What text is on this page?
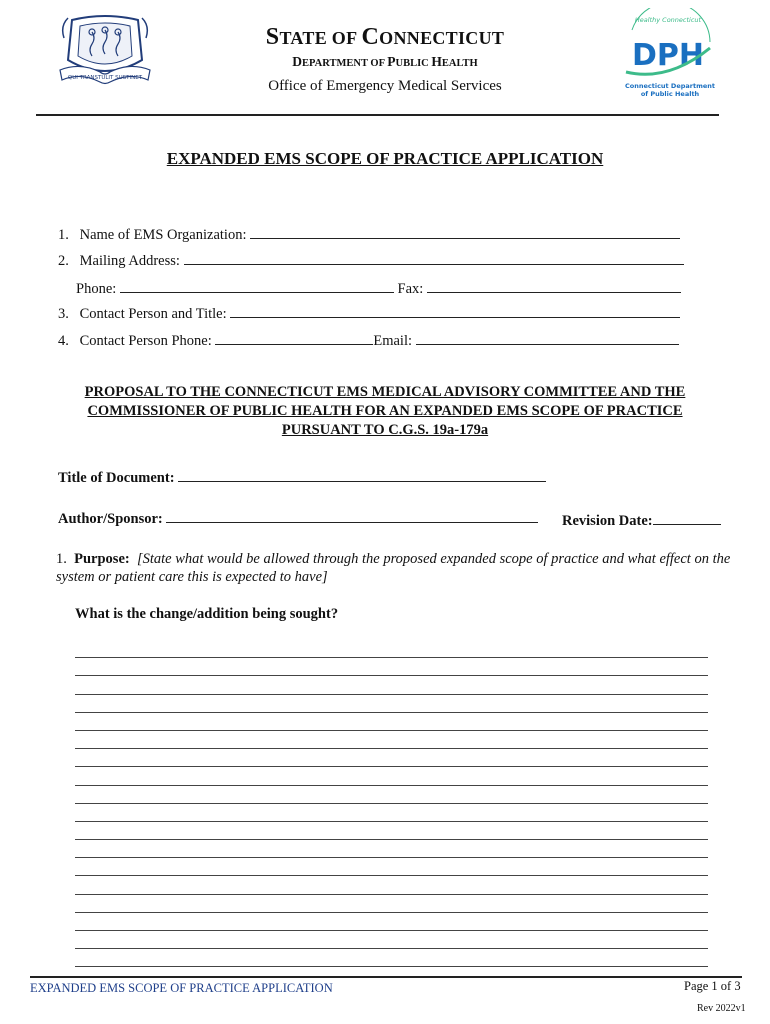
QUI TRANSTULIT SUSTINET
STATE OF CONNECTICUT
DEPARTMENT OF PUBLIC HEALTH
Office of Emergency Medical Services
Healthy Connecticut
DPH
Connecticut Department
of Public Health
EXPANDED EMS SCOPE OF PRACTICE APPLICATION
1. Name of EMS Organization:
2. Mailing Address:
Phone:	Fax:
3. Contact Person and Title:
4. Contact Person Phone:	Email:
PROPOSAL TO THE CONNECTICUT EMS MEDICAL ADVISORY COMMITTEE AND THE COMMISSIONER OF PUBLIC HEALTH FOR AN EXPANDED EMS SCOPE OF PRACTICE PURSUANT TO C.G.S. 19a-179a
Title of Document:
Author/Sponsor:	Revision Date:
1. Purpose: [State what would be allowed through the proposed expanded scope of practice and what effect on the system or patient care this is expected to have]
What is the change/addition being sought?
EXPANDED EMS SCOPE OF PRACTICE APPLICATION	Page 1 of 3
Rev 2022v1
